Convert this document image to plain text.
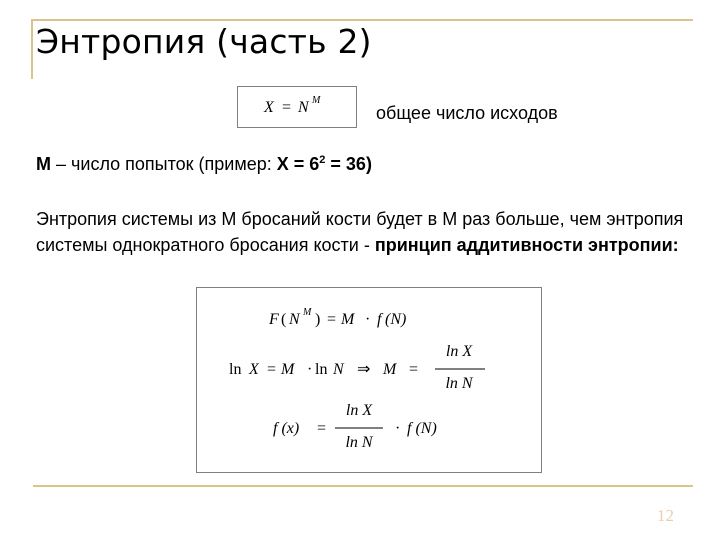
Энтропия (часть 2)
X = N M
общее число исходов
M – число попыток (пример: $X = 6^2 = 36$)
Энтропия системы из M бросаний кости будет в M раз больше, чем энтропия системы однократного бросания кости - принцип аддитивности энтропии:
F ( N M ) = M · f (N)
ln X = M · ln N ⇒ M =
ln X
ln N
f (x) =
ln X
ln N
· f (N)
12
